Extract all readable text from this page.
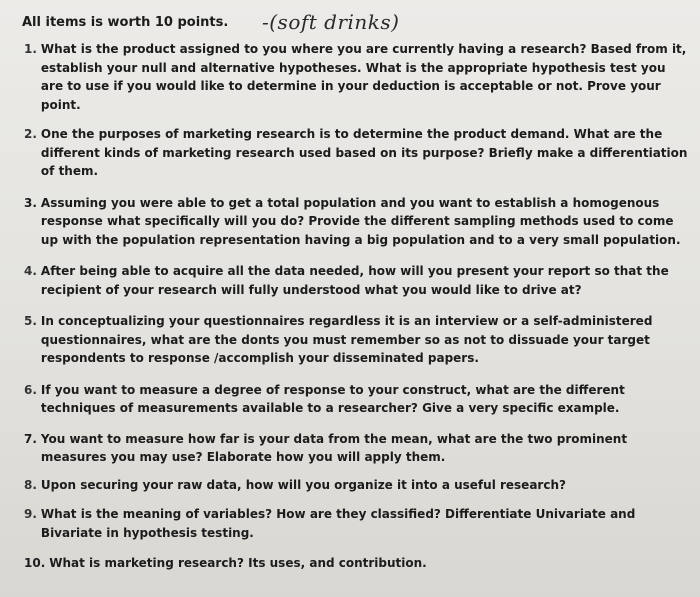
All items is worth 10 points. -(soft drinks)
1. What is the product assigned to you where you are currently having a research? Based from it, establish your null and alternative hypotheses. What is the appropriate hypothesis test you are to use if you would like to determine in your deduction is acceptable or not. Prove your point.
2. One the purposes of marketing research is to determine the product demand. What are the different kinds of marketing research used based on its purpose? Briefly make a differentiation of them.
3. Assuming you were able to get a total population and you want to establish a homogenous response what specifically will you do? Provide the different sampling methods used to come up with the population representation having a big population and to a very small population.
4. After being able to acquire all the data needed, how will you present your report so that the recipient of your research will fully understood what you would like to drive at?
5. In conceptualizing your questionnaires regardless it is an interview or a self-administered questionnaires, what are the donts you must remember so as not to dissuade your target respondents to response /accomplish your disseminated papers.
6. If you want to measure a degree of response to your construct, what are the different techniques of measurements available to a researcher? Give a very specific example.
7. You want to measure how far is your data from the mean, what are the two prominent measures you may use? Elaborate how you will apply them.
8. Upon securing your raw data, how will you organize it into a useful research?
9. What is the meaning of variables? How are they classified? Differentiate Univariate and Bivariate in hypothesis testing.
10. What is marketing research? Its uses, and contribution.
